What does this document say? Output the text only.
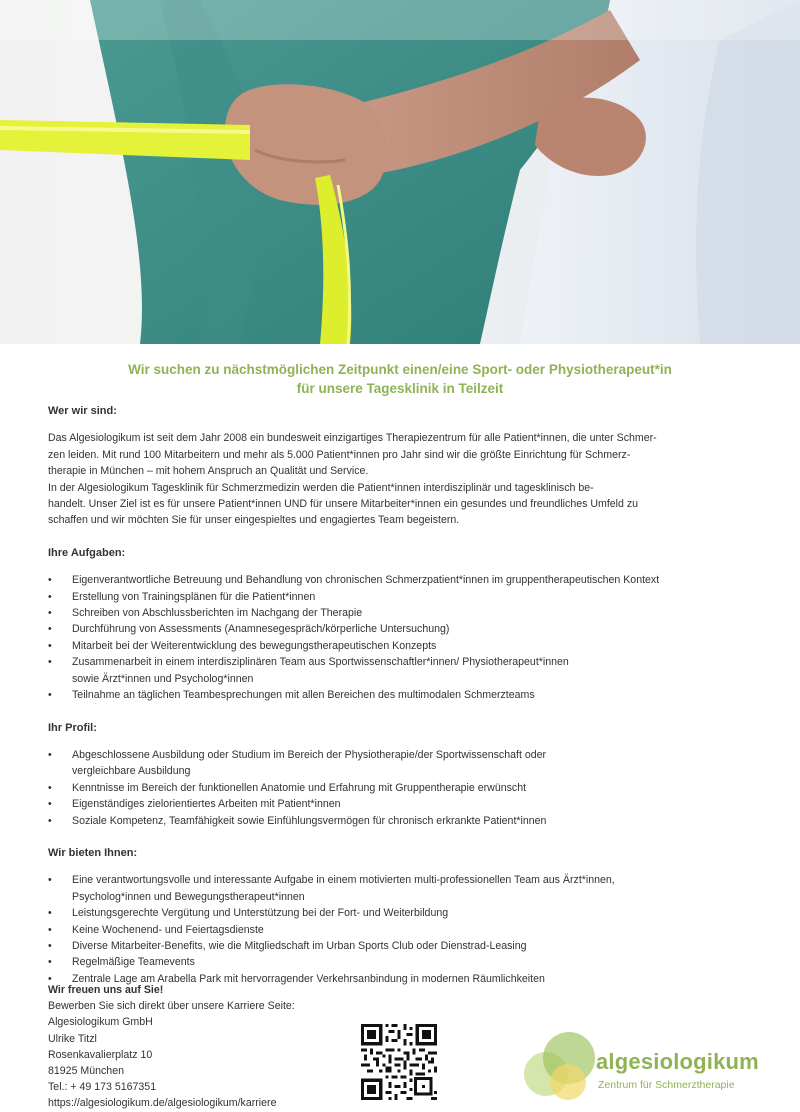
Wir suchen zu nächstmöglichen Zeitpunkt einen/eine Sport- oder Physiotherapeut*in
für unsere Tagesklinik in Teilzeit
Wer wir sind:
Das Algesiologikum ist seit dem Jahr 2008 ein bundesweit einzigartiges Therapiezentrum für alle Patient*innen, die unter Schmer-
zen leiden. Mit rund 100 Mitarbeitern und mehr als 5.000 Patient*innen pro Jahr sind wir die größte Einrichtung für Schmerz-
therapie in München – mit hohem Anspruch an Qualität und Service.
In der Algesiologikum Tagesklinik für Schmerzmedizin werden die Patient*innen interdisziplinär und tagesklinisch be-
handelt. Unser Ziel ist es für unsere Patient*innen UND für unsere Mitarbeiter*innen ein gesundes und freundliches Umfeld zu
schaffen und wir möchten Sie für unser eingespieltes und engagiertes Team begeistern.
Ihre Aufgaben:
• Eigenverantwortliche Betreuung und Behandlung von chronischen Schmerzpatient*innen im gruppentherapeutischen Kontext
• Erstellung von Trainingsplänen für die Patient*innen
• Schreiben von Abschlussberichten im Nachgang der Therapie
• Durchführung von Assessments (Anamnesegespräch/körperliche Untersuchung)
• Mitarbeit bei der Weiterentwicklung des bewegungstherapeutischen Konzepts
• Zusammenarbeit in einem interdisziplinären Team aus Sportwissenschaftler*innen/ Physiotherapeut*innen
sowie Ärzt*innen und Psycholog*innen
• Teilnahme an täglichen Teambesprechungen mit allen Bereichen des multimodalen Schmerzteams
Ihr Profil:
• Abgeschlossene Ausbildung oder Studium im Bereich der Physiotherapie/der Sportwissenschaft oder
vergleichbare Ausbildung
• Kenntnisse im Bereich der funktionellen Anatomie und Erfahrung mit Gruppentherapie erwünscht
• Eigenständiges zielorientiertes Arbeiten mit Patient*innen
• Soziale Kompetenz, Teamfähigkeit sowie Einfühlungsvermögen für chronisch erkrankte Patient*innen
Wir bieten Ihnen:
• Eine verantwortungsvolle und interessante Aufgabe in einem motivierten multi-professionellen Team aus Ärzt*innen,
Psycholog*innen und Bewegungstherapeut*innen
• Leistungsgerechte Vergütung und Unterstützung bei der Fort- und Weiterbildung
• Keine Wochenend- und Feiertagsdienste
• Diverse Mitarbeiter-Benefits, wie die Mitgliedschaft im Urban Sports Club oder Dienstrad-Leasing
• Regelmäßige Teamevents
• Zentrale Lage am Arabella Park mit hervorragender Verkehrsanbindung in modernen Räumlichkeiten
Wir freuen uns auf Sie!
Bewerben Sie sich direkt über unsere Karriere Seite:
Algesiologikum GmbH
Ulrike Titzl
Rosenkavalierplatz 10
81925 München
Tel.: + 49 173 5167351
https://algesiologikum.de/algesiologikum/karriere
algesiologikum
Zentrum für Schmerztherapie
